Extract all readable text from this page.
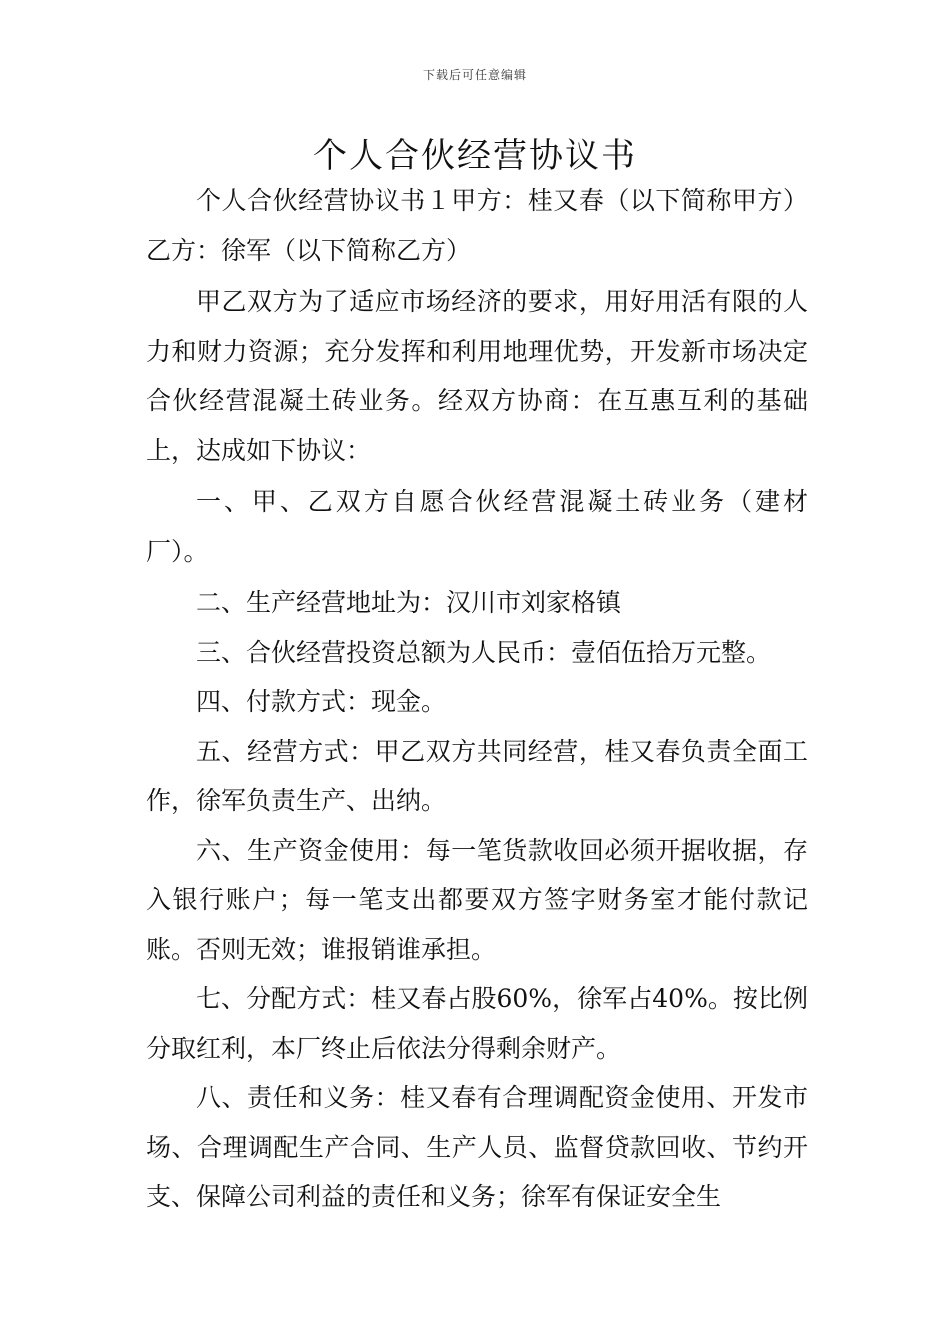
下载后可任意编辑
个人合伙经营协议书

个人合伙经营协议书１甲方：桂又春（以下简称甲方）乙方：徐军（以下简称乙方）

甲乙双方为了适应市场经济的要求，用好用活有限的人力和财力资源；充分发挥和利用地理优势，开发新市场决定合伙经营混凝土砖业务。经双方协商：在互惠互利的基础上，达成如下协议：

一、甲、乙双方自愿合伙经营混凝土砖业务（建材厂）。

二、生产经营地址为：汉川市刘家格镇

三、合伙经营投资总额为人民币：壹佰伍拾万元整。

四、付款方式：现金。

五、经营方式：甲乙双方共同经营，桂又春负责全面工作，徐军负责生产、出纳。

六、生产资金使用：每一笔货款收回必须开据收据，存入银行账户；每一笔支出都要双方签字财务室才能付款记账。否则无效；谁报销谁承担。

七、分配方式：桂又春占股60%，徐军占40%。按比例分取红利，本厂终止后依法分得剩余财产。

八、责任和义务：桂又春有合理调配资金使用、开发市场、合理调配生产合同、生产人员、监督贷款回收、节约开支、保障公司利益的责任和义务；徐军有保证安全生
